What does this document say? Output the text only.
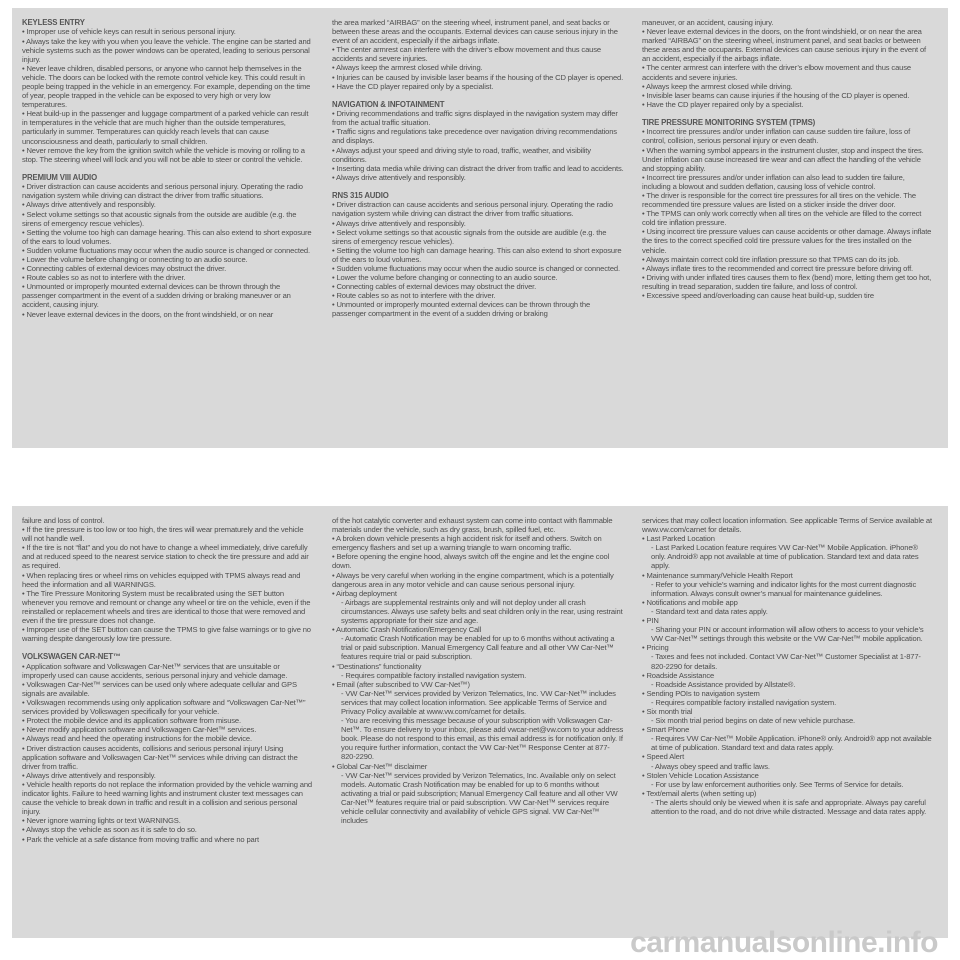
KEYLESS ENTRY

• Improper use of vehicle keys can result in serious personal injury.

• Always take the key with you when you leave the vehicle. The engine can be started and vehicle systems such as the power windows can be operated, leading to serious personal injury.

• Never leave children, disabled persons, or anyone who cannot help themselves in the vehicle. The doors can be locked with the remote control vehicle key. This could result in people being trapped in the vehicle in an emergency. For example, depending on the time of year, people trapped in the vehicle can be exposed to very high or very low temperatures.

• Heat build-up in the passenger and luggage compartment of a parked vehicle can result in temperatures in the vehicle that are much higher than the outside temperatures, particularly in summer. Temperatures can quickly reach levels that can cause unconsciousness and death, particularly to small children.

• Never remove the key from the ignition switch while the vehicle is moving or rolling to a stop. The steering wheel will lock and you will not be able to steer or control the vehicle.

PREMIUM VIII AUDIO

• Driver distraction can cause accidents and serious personal injury. Operating the radio navigation system while driving can distract the driver from traffic situations.

• Always drive attentively and responsibly.

• Select volume settings so that acoustic signals from the outside are audible (e.g. the sirens of emergency rescue vehicles).

• Setting the volume too high can damage hearing. This can also extend to short exposure of the ears to loud volumes.

• Sudden volume fluctuations may occur when the audio source is changed or connected.

• Lower the volume before changing or connecting to an audio source.

• Connecting cables of external devices may obstruct the driver.

• Route cables so as not to interfere with the driver.

• Unmounted or improperly mounted external devices can be thrown through the passenger compartment in the event of a sudden driving or braking maneuver or an accident, causing injury.

• Never leave external devices in the doors, on the front windshield, or on near

the area marked “AIRBAG” on the steering wheel, instrument panel, and seat backs or between these areas and the occupants. External devices can cause serious injury in the event of an accident, especially if the airbags inflate.

• The center armrest can interfere with the driver’s elbow movement and thus cause accidents and severe injuries.

• Always keep the armrest closed while driving.

• Injuries can be caused by invisible laser beams if the housing of the CD player is opened.

• Have the CD player repaired only by a specialist.

NAVIGATION & INFOTAINMENT

• Driving recommendations and traffic signs displayed in the navigation system may differ from the actual traffic situation.

• Traffic signs and regulations take precedence over navigation driving recommendations and displays.

• Always adjust your speed and driving style to road, traffic, weather, and visibility conditions.

• Inserting data media while driving can distract the driver from traffic and lead to accidents.

• Always drive attentively and responsibly.

RNS 315 AUDIO

• Driver distraction can cause accidents and serious personal injury. Operating the radio navigation system while driving can distract the driver from traffic situations.

• Always drive attentively and responsibly.

• Select volume settings so that acoustic signals from the outside are audible (e.g. the sirens of emergency rescue vehicles).

• Setting the volume too high can damage hearing. This can also extend to short exposure of the ears to loud volumes.

• Sudden volume fluctuations may occur when the audio source is changed or connected.

• Lower the volume before changing or connecting to an audio source.

• Connecting cables of external devices may obstruct the driver.

• Route cables so as not to interfere with the driver.

• Unmounted or improperly mounted external devices can be thrown through the passenger compartment in the event of a sudden driving or braking

maneuver, or an accident, causing injury.

• Never leave external devices in the doors, on the front windshield, or on near the area marked “AIRBAG” on the steering wheel, instrument panel, and seat backs or between these areas and the occupants. External devices can cause serious injury in the event of an accident, especially if the airbags inflate.

• The center armrest can interfere with the driver’s elbow movement and thus cause accidents and severe injuries.

• Always keep the armrest closed while driving.

• Invisible laser beams can cause injuries if the housing of the CD player is opened.

• Have the CD player repaired only by a specialist.

TIRE PRESSURE MONITORING SYSTEM (TPMS)

• Incorrect tire pressures and/or under inflation can cause sudden tire failure, loss of control, collision, serious personal injury or even death.

• When the warning symbol appears in the instrument cluster, stop and inspect the tires. Under inflation can cause increased tire wear and can affect the handling of the vehicle and stopping ability.

• Incorrect tire pressures and/or under inflation can also lead to sudden tire failure, including a blowout and sudden deflation, causing loss of vehicle control.

• The driver is responsible for the correct tire pressures for all tires on the vehicle. The recommended tire pressure values are listed on a sticker inside the driver door.

• The TPMS can only work correctly when all tires on the vehicle are filled to the correct cold tire inflation pressure.

• Using incorrect tire pressure values can cause accidents or other damage. Always inflate the tires to the correct specified cold tire pressure values for the tires installed on the vehicle.

• Always maintain correct cold tire inflation pressure so that TPMS can do its job.

• Always inflate tires to the recommended and correct tire pressure before driving off.

• Driving with under inflated tires causes them to flex (bend) more, letting them get too hot, resulting in tread separation, sudden tire failure, and loss of control.

• Excessive speed and/overloading can cause heat build-up, sudden tire

failure and loss of control.

• If the tire pressure is too low or too high, the tires will wear prematurely and the vehicle will not handle well.

• If the tire is not “flat” and you do not have to change a wheel immediately, drive carefully and at reduced speed to the nearest service station to check the tire pressure and add air as required.

• When replacing tires or wheel rims on vehicles equipped with TPMS always read and heed the information and all WARNINGS.

• The Tire Pressure Monitoring System must be recalibrated using the SET button whenever you remove and remount or change any wheel or tire on the vehicle, even if the reinstalled or replacement wheels and tires are identical to those that were removed and even if the tire pressure does not change.

• Improper use of the SET button can cause the TPMS to give false warnings or to give no warning despite dangerously low tire pressure.

VOLKSWAGEN CAR-NET™

• Application software and Volkswagen Car-Net™ services that are unsuitable or improperly used can cause accidents, serious personal injury and vehicle damage.

• Volkswagen Car-Net™ services can be used only where adequate cellular and GPS signals are available.

• Volkswagen recommends using only application software and “Volkswagen Car-Net™” services provided by Volkswagen specifically for your vehicle.

• Protect the mobile device and its application software from misuse.

• Never modify application software and Volkswagen Car-Net™ services.

• Always read and heed the operating instructions for the mobile device.

• Driver distraction causes accidents, collisions and serious personal injury! Using application software and Volkswagen Car-Net™ services while driving can distract the driver from traffic.

• Always drive attentively and responsibly.

• Vehicle health reports do not replace the information provided by the vehicle warning and indicator lights. Failure to heed warning lights and instrument cluster text messages can cause the vehicle to break down in traffic and result in a collision and serious personal injury.

• Never ignore warning lights or text WARNINGS.

• Always stop the vehicle as soon as it is safe to do so.

• Park the vehicle at a safe distance from moving traffic and where no part

of the hot catalytic converter and exhaust system can come into contact with flammable materials under the vehicle, such as dry grass, brush, spilled fuel, etc.

• A broken down vehicle presents a high accident risk for itself and others. Switch on emergency flashers and set up a warning triangle to warn oncoming traffic.

• Before opening the engine hood, always switch off the engine and let the engine cool down.

• Always be very careful when working in the engine compartment, which is a potentially dangerous area in any motor vehicle and can cause serious personal injury.

• Airbag deployment

- Airbags are supplemental restraints only and will not deploy under all crash circumstances. Always use safety belts and seat children only in the rear, using restraint systems appropriate for their size and age.

• Automatic Crash Notification/Emergency Call

- Automatic Crash Notification may be enabled for up to 6 months without activating a trial or paid subscription. Manual Emergency Call feature and all other VW Car-Net™ features require trial or paid subscription.

• “Destinations” functionality

- Requires compatible factory installed navigation system.

• Email (after subscribed to VW Car-Net™)

- VW Car-Net™ services provided by Verizon Telematics, Inc. VW Car-Net™ includes services that may collect location information. See applicable Terms of Service and Privacy Policy available at www.vw.com/carnet for details.

- You are receiving this message because of your subscription with Volkswagen Car-Net™. To ensure delivery to your inbox, please add vwcar-net@vw.com to your address book. Please do not respond to this email, as this email address is for notification only. If you require further information, contact the VW Car-Net™ Response Center at 877-820-2290.

• Global Car-Net™ disclaimer

- VW Car-Net™ services provided by Verizon Telematics, Inc. Available only on select models. Automatic Crash Notification may be enabled for up to 6 months without activating a trial or paid subscription; Manual Emergency Call feature and all other VW Car-Net™ features require trial or paid subscription. VW Car-Net™ services require vehicle cellular connectivity and availability of vehicle GPS signal. VW Car-Net™ includes

services that may collect location information. See applicable Terms of Service available at www.vw.com/carnet for details.

• Last Parked Location

- Last Parked Location feature requires VW Car-Net™ Mobile Application. iPhone® only. Android® app not available at time of publication. Standard text and data rates apply.

• Maintenance summary/Vehicle Health Report

- Refer to your vehicle’s warning and indicator lights for the most current diagnostic information. Always consult owner’s manual for maintenance guidelines.

• Notifications and mobile app

- Standard text and data rates apply.

• PIN

- Sharing your PIN or account information will allow others to access to your vehicle’s VW Car-Net™ settings through this website or the VW Car-Net™ mobile application.

• Pricing

- Taxes and fees not included. Contact VW Car-Net™ Customer Specialist at 1-877-820-2290 for details.

• Roadside Assistance

- Roadside Assistance provided by Allstate®.

• Sending POIs to navigation system

- Requires compatible factory installed navigation system.

• Six month trial

- Six month trial period begins on date of new vehicle purchase.

• Smart Phone

- Requires VW Car-Net™ Mobile Application. iPhone® only. Android® app not available at time of publication. Standard text and data rates apply.

• Speed Alert

- Always obey speed and traffic laws.

• Stolen Vehicle Location Assistance

- For use by law enforcement authorities only. See Terms of Service for details.

• Text/email alerts (when setting up)

- The alerts should only be viewed when it is safe and appropriate. Always pay careful attention to the road, and do not drive while distracted. Message and data rates apply.

carmanualsonline.info
